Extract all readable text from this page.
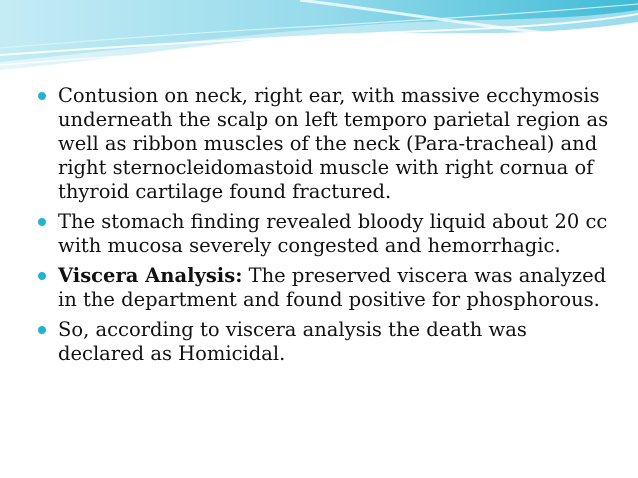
Contusion on neck, right ear, with massive ecchymosis underneath the scalp on left temporo parietal region as well as ribbon muscles of the neck (Para-tracheal) and right sternocleidomastoid muscle with right cornua of thyroid cartilage found fractured.
The stomach finding revealed bloody liquid about 20 cc with mucosa severely congested and hemorrhagic.
Viscera Analysis: The preserved viscera was analyzed in the department and found positive for phosphorous.
So, according to viscera analysis the death was declared as Homicidal.
